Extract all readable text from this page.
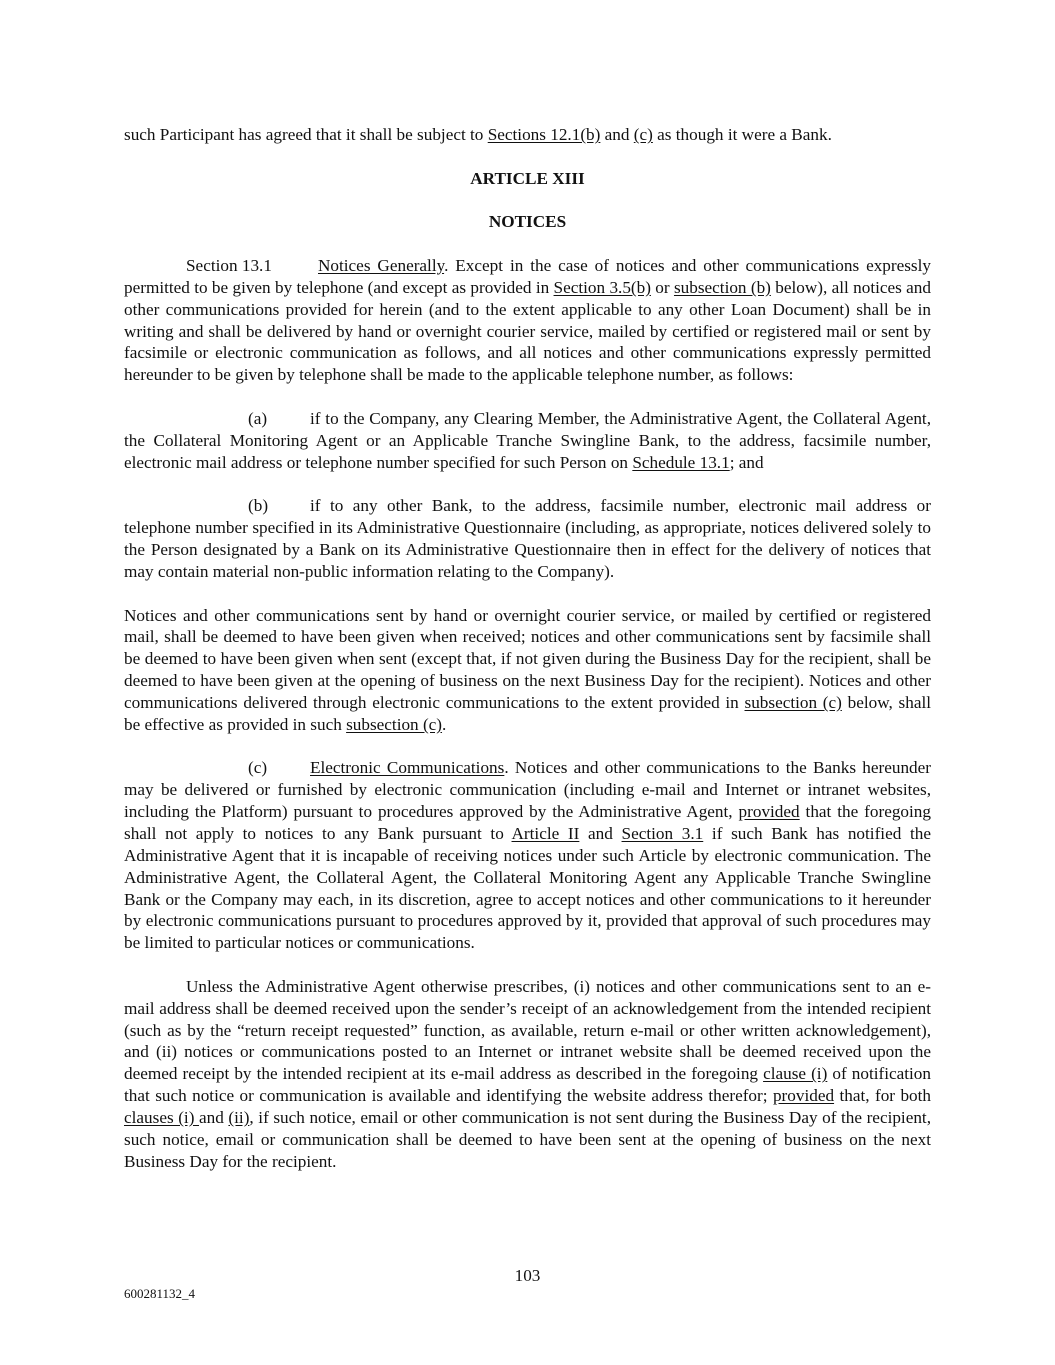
such Participant has agreed that it shall be subject to Sections 12.1(b) and (c) as though it were a Bank.

ARTICLE XIII

NOTICES

Section 13.1	Notices Generally. Except in the case of notices and other communications expressly permitted to be given by telephone (and except as provided in Section 3.5(b) or subsection (b) below), all notices and other communications provided for herein (and to the extent applicable to any other Loan Document) shall be in writing and shall be delivered by hand or overnight courier service, mailed by certified or registered mail or sent by facsimile or electronic communication as follows, and all notices and other communications expressly permitted hereunder to be given by telephone shall be made to the applicable telephone number, as follows:

(a) if to the Company, any Clearing Member, the Administrative Agent, the Collateral Agent, the Collateral Monitoring Agent or an Applicable Tranche Swingline Bank, to the address, facsimile number, electronic mail address or telephone number specified for such Person on Schedule 13.1; and

(b) if to any other Bank, to the address, facsimile number, electronic mail address or telephone number specified in its Administrative Questionnaire (including, as appropriate, notices delivered solely to the Person designated by a Bank on its Administrative Questionnaire then in effect for the delivery of notices that may contain material non-public information relating to the Company).

Notices and other communications sent by hand or overnight courier service, or mailed by certified or registered mail, shall be deemed to have been given when received; notices and other communications sent by facsimile shall be deemed to have been given when sent (except that, if not given during the Business Day for the recipient, shall be deemed to have been given at the opening of business on the next Business Day for the recipient). Notices and other communications delivered through electronic communications to the extent provided in subsection (c) below, shall be effective as provided in such subsection (c).

(c) Electronic Communications. Notices and other communications to the Banks hereunder may be delivered or furnished by electronic communication (including e-mail and Internet or intranet websites, including the Platform) pursuant to procedures approved by the Administrative Agent, provided that the foregoing shall not apply to notices to any Bank pursuant to Article II and Section 3.1 if such Bank has notified the Administrative Agent that it is incapable of receiving notices under such Article by electronic communication. The Administrative Agent, the Collateral Agent, the Collateral Monitoring Agent any Applicable Tranche Swingline Bank or the Company may each, in its discretion, agree to accept notices and other communications to it hereunder by electronic communications pursuant to procedures approved by it, provided that approval of such procedures may be limited to particular notices or communications.

Unless the Administrative Agent otherwise prescribes, (i) notices and other communications sent to an e-mail address shall be deemed received upon the sender’s receipt of an acknowledgement from the intended recipient (such as by the “return receipt requested” function, as available, return e-mail or other written acknowledgement), and (ii) notices or communications posted to an Internet or intranet website shall be deemed received upon the deemed receipt by the intended recipient at its e-mail address as described in the foregoing clause (i) of notification that such notice or communication is available and identifying the website address therefor; provided that, for both clauses (i) and (ii), if such notice, email or other communication is not sent during the Business Day of the recipient, such notice, email or communication shall be deemed to have been sent at the opening of business on the next Business Day for the recipient.

103
600281132_4
